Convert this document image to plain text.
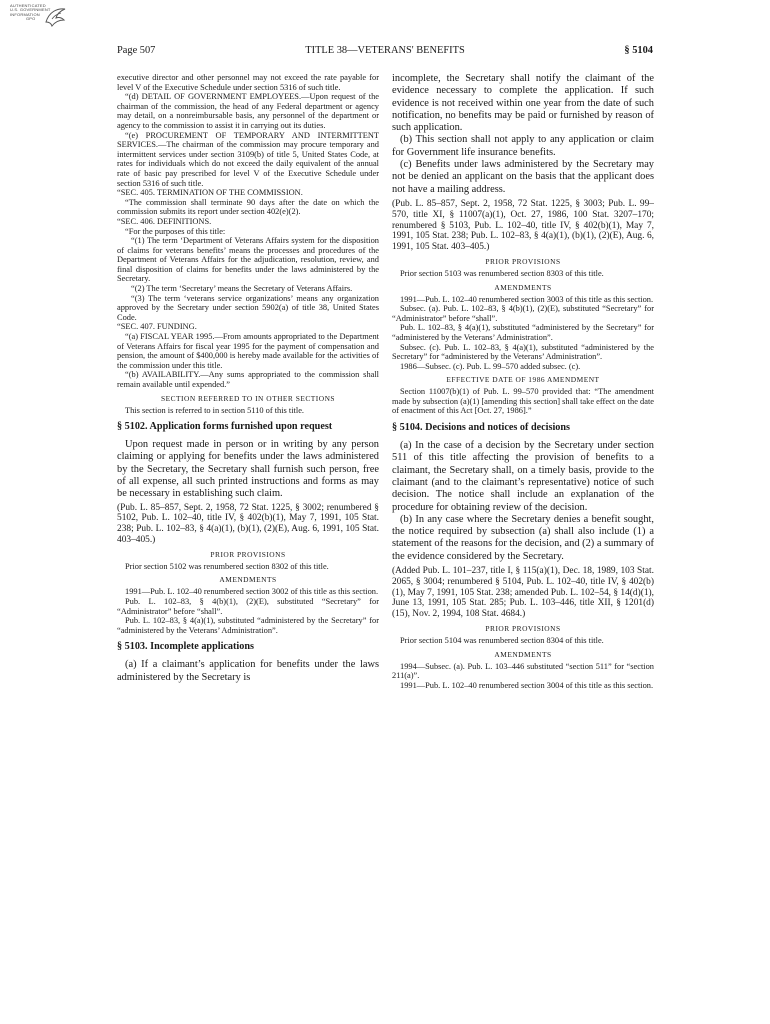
AUTHENTICATED
U.S. GOVERNMENT
INFORMATION
GPO
Page 507	TITLE 38—VETERANS' BENEFITS	§ 5104

executive director and other personnel may not exceed the rate payable for level V of the Executive Schedule under section 5316 of such title.

“(d) DETAIL OF GOVERNMENT EMPLOYEES.—Upon request of the chairman of the commission, the head of any Federal department or agency may detail, on a nonreimbursable basis, any personnel of the department or agency to the commission to assist it in carrying out its duties.

“(e) PROCUREMENT OF TEMPORARY AND INTERMITTENT SERVICES.—The chairman of the commission may procure temporary and intermittent services under section 3109(b) of title 5, United States Code, at rates for individuals which do not exceed the daily equivalent of the annual rate of basic pay prescribed for level V of the Executive Schedule under section 5316 of such title.

“SEC. 405. TERMINATION OF THE COMMISSION.

“The commission shall terminate 90 days after the date on which the commission submits its report under section 402(e)(2).

“SEC. 406. DEFINITIONS.

“For the purposes of this title:

“(1) The term ‘Department of Veterans Affairs system for the disposition of claims for veterans benefits’ means the processes and procedures of the Department of Veterans Affairs for the adjudication, resolution, review, and final disposition of claims for benefits under the laws administered by the Secretary.

“(2) The term ‘Secretary’ means the Secretary of Veterans Affairs.

“(3) The term ‘veterans service organizations’ means any organization approved by the Secretary under section 5902(a) of title 38, United States Code.

“SEC. 407. FUNDING.

“(a) FISCAL YEAR 1995.—From amounts appropriated to the Department of Veterans Affairs for fiscal year 1995 for the payment of compensation and pension, the amount of $400,000 is hereby made available for the activities of the commission under this title.

“(b) AVAILABILITY.—Any sums appropriated to the commission shall remain available until expended.”

SECTION REFERRED TO IN OTHER SECTIONS

This section is referred to in section 5110 of this title.

§ 5102. Application forms furnished upon request

Upon request made in person or in writing by any person claiming or applying for benefits under the laws administered by the Secretary, the Secretary shall furnish such person, free of all expense, all such printed instructions and forms as may be necessary in establishing such claim.

(Pub. L. 85–857, Sept. 2, 1958, 72 Stat. 1225, § 3002; renumbered § 5102, Pub. L. 102–40, title IV, § 402(b)(1), May 7, 1991, 105 Stat. 238; Pub. L. 102–83, § 4(a)(1), (b)(1), (2)(E), Aug. 6, 1991, 105 Stat. 403–405.)

PRIOR PROVISIONS

Prior section 5102 was renumbered section 8302 of this title.

AMENDMENTS

1991—Pub. L. 102–40 renumbered section 3002 of this title as this section.

Pub. L. 102–83, § 4(b)(1), (2)(E), substituted “Secretary” for “Administrator” before “shall”.

Pub. L. 102–83, § 4(a)(1), substituted “administered by the Secretary” for “administered by the Veterans’ Administration”.

§ 5103. Incomplete applications

(a) If a claimant’s application for benefits under the laws administered by the Secretary is

incomplete, the Secretary shall notify the claimant of the evidence necessary to complete the application. If such evidence is not received within one year from the date of such notification, no benefits may be paid or furnished by reason of such application.

(b) This section shall not apply to any application or claim for Government life insurance benefits.

(c) Benefits under laws administered by the Secretary may not be denied an applicant on the basis that the applicant does not have a mailing address.

(Pub. L. 85–857, Sept. 2, 1958, 72 Stat. 1225, § 3003; Pub. L. 99–570, title XI, § 11007(a)(1), Oct. 27, 1986, 100 Stat. 3207–170; renumbered § 5103, Pub. L. 102–40, title IV, § 402(b)(1), May 7, 1991, 105 Stat. 238; Pub. L. 102–83, § 4(a)(1), (b)(1), (2)(E), Aug. 6, 1991, 105 Stat. 403–405.)

PRIOR PROVISIONS

Prior section 5103 was renumbered section 8303 of this title.

AMENDMENTS

1991—Pub. L. 102–40 renumbered section 3003 of this title as this section.

Subsec. (a). Pub. L. 102–83, § 4(b)(1), (2)(E), substituted “Secretary” for “Administrator” before “shall”.

Pub. L. 102–83, § 4(a)(1), substituted “administered by the Secretary” for “administered by the Veterans’ Administration”.

Subsec. (c). Pub. L. 102–83, § 4(a)(1), substituted “administered by the Secretary” for “administered by the Veterans’ Administration”.

1986—Subsec. (c). Pub. L. 99–570 added subsec. (c).

EFFECTIVE DATE OF 1986 AMENDMENT

Section 11007(b)(1) of Pub. L. 99–570 provided that: “The amendment made by subsection (a)(1) [amending this section] shall take effect on the date of enactment of this Act [Oct. 27, 1986].”

§ 5104. Decisions and notices of decisions

(a) In the case of a decision by the Secretary under section 511 of this title affecting the provision of benefits to a claimant, the Secretary shall, on a timely basis, provide to the claimant (and to the claimant’s representative) notice of such decision. The notice shall include an explanation of the procedure for obtaining review of the decision.

(b) In any case where the Secretary denies a benefit sought, the notice required by subsection (a) shall also include (1) a statement of the reasons for the decision, and (2) a summary of the evidence considered by the Secretary.

(Added Pub. L. 101–237, title I, § 115(a)(1), Dec. 18, 1989, 103 Stat. 2065, § 3004; renumbered § 5104, Pub. L. 102–40, title IV, § 402(b)(1), May 7, 1991, 105 Stat. 238; amended Pub. L. 102–54, § 14(d)(1), June 13, 1991, 105 Stat. 285; Pub. L. 103–446, title XII, § 1201(d)(15), Nov. 2, 1994, 108 Stat. 4684.)

PRIOR PROVISIONS

Prior section 5104 was renumbered section 8304 of this title.

AMENDMENTS

1994—Subsec. (a). Pub. L. 103–446 substituted “section 511” for “section 211(a)”.

1991—Pub. L. 102–40 renumbered section 3004 of this title as this section.
